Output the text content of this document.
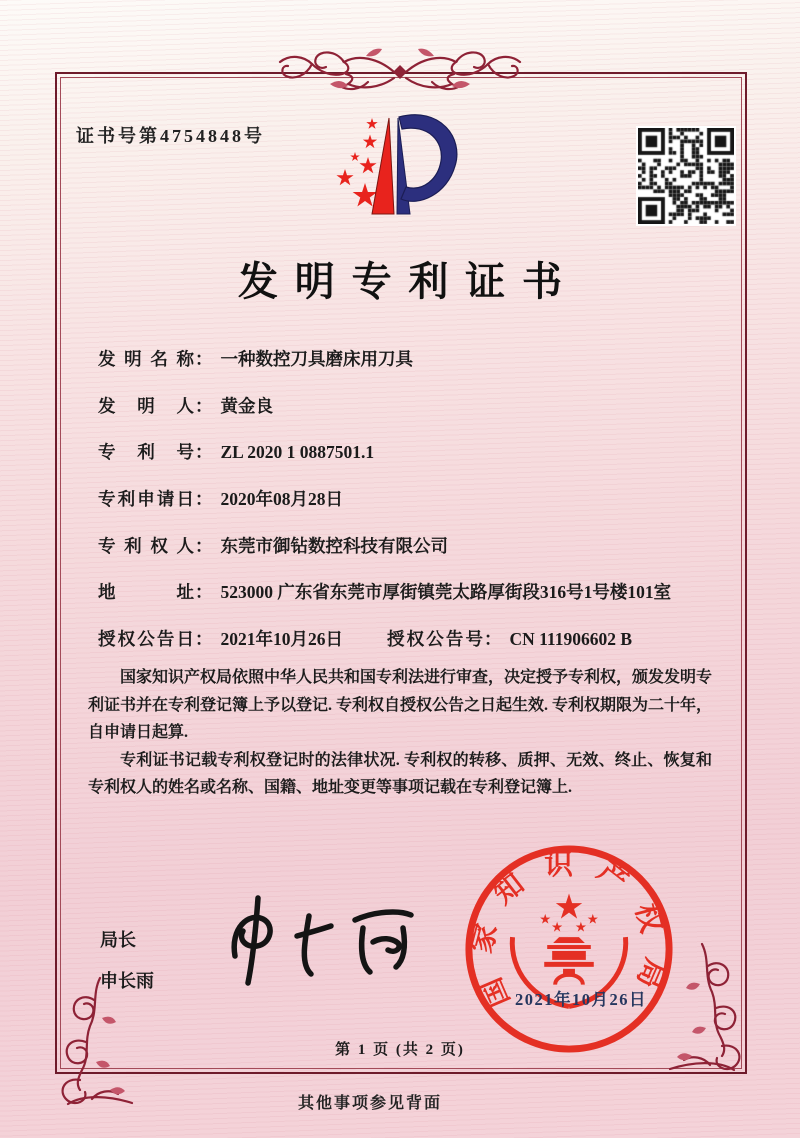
证书号第4754848号
发明专利证书
发明名称 ： 一种数控刀具磨床用刀具
发明人 ： 黄金良
专利号 ： ZL 2020 1 0887501.1
专利申请日 ： 2020年08月28日
专利权人 ： 东莞市御钻数控科技有限公司
地址 ： 523000 广东省东莞市厚街镇莞太路厚街段316号1号楼101室
授权公告日 ： 2021年10月26日	授权公告号 ： CN 111906602 B

国家知识产权局依照中华人民共和国专利法进行审查，决定授予专利权，颁发发明专利证书并在专利登记簿上予以登记. 专利权自授权公告之日起生效. 专利权期限为二十年，自申请日起算.

专利证书记载专利权登记时的法律状况. 专利权的转移、质押、无效、终止、恢复和专利权人的姓名或名称、国籍、地址变更等事项记载在专利登记簿上.

局长
申长雨	国家知识产权局
2021年10月26日
第 1 页 (共 2 页)
其他事项参见背面
